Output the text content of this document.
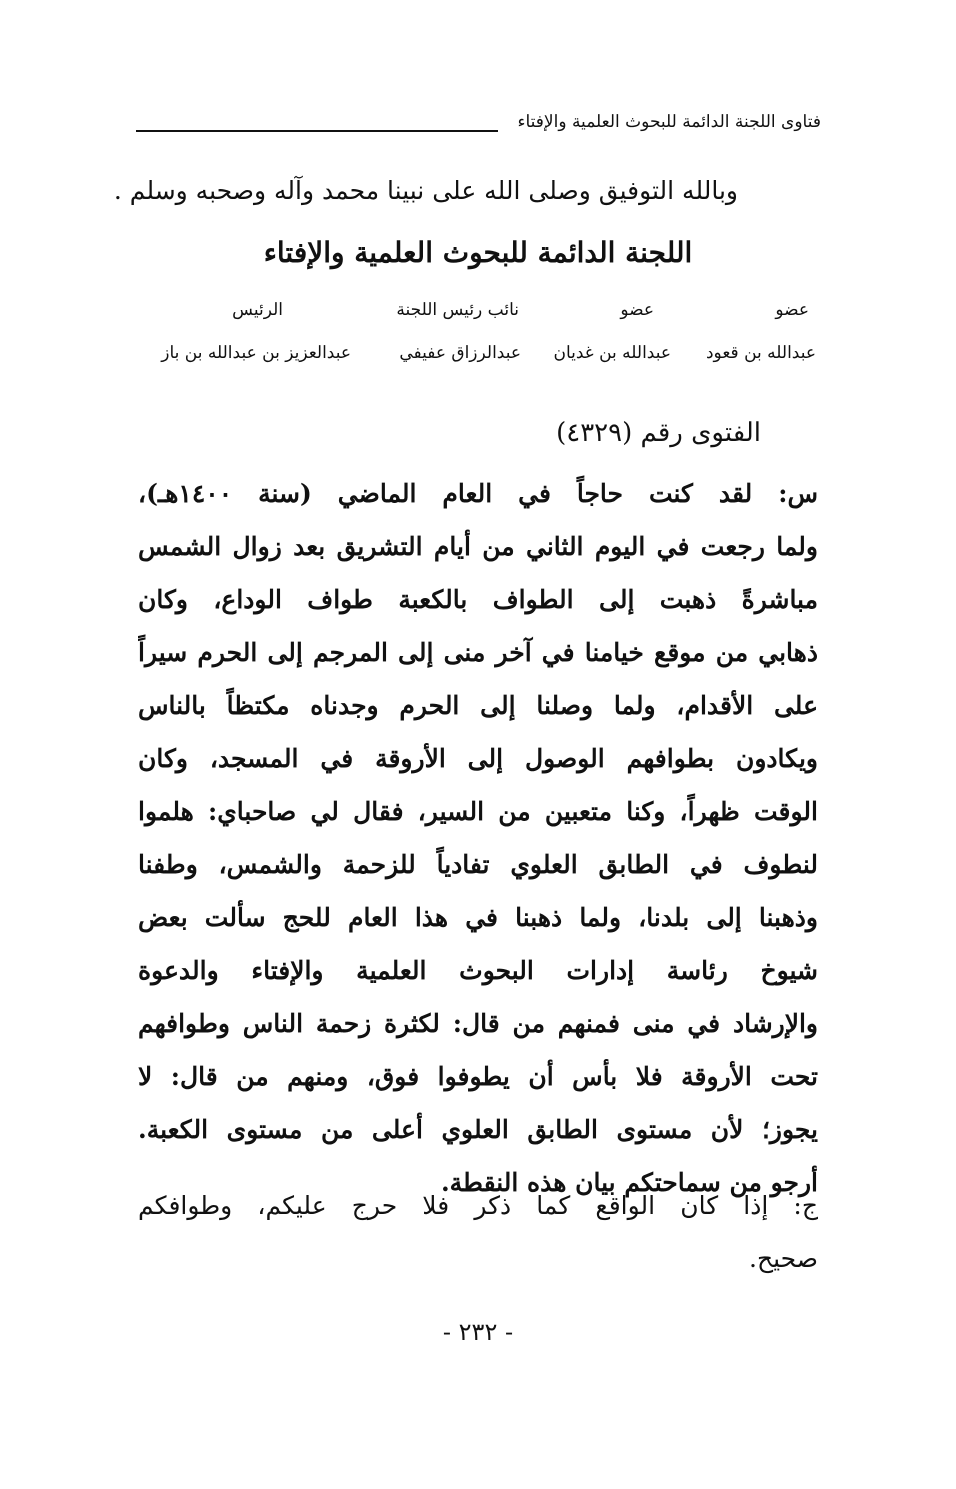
فتاوى اللجنة الدائمة للبحوث العلمية والإفتاء
وبالله التوفيق وصلى الله على نبينا محمد وآله وصحبه وسلم .
اللجنة الدائمة للبحوث العلمية والإفتاء
عضو
عضو
نائب رئيس اللجنة
الرئيس
عبدالله بن قعود
عبدالله بن غديان
عبدالرزاق عفيفي
عبدالعزيز بن عبدالله بن باز
الفتوى رقم (٤٣٢٩)
س: لقد كنت حاجاً في العام الماضي (سنة ١٤٠٠هـ)،
ولما رجعت في اليوم الثاني من أيام التشريق بعد زوال الشمس
مباشرةً ذهبت إلى الطواف بالكعبة طواف الوداع، وكان
ذهابي من موقع خيامنا في آخر منى إلى المرجم إلى الحرم سيراً
على الأقدام، ولما وصلنا إلى الحرم وجدناه مكتظاً بالناس
ويكادون بطوافهم الوصول إلى الأروقة في المسجد، وكان
الوقت ظهراً، وكنا متعبين من السير، فقال لي صاحباي: هلموا
لنطوف في الطابق العلوي تفادياً للزحمة والشمس، وطفنا
وذهبنا إلى بلدنا، ولما ذهبنا في هذا العام للحج سألت بعض
شيوخ رئاسة إدارات البحوث العلمية والإفتاء والدعوة
والإرشاد في منى فمنهم من قال: لكثرة زحمة الناس وطوافهم
تحت الأروقة فلا بأس أن يطوفوا فوق، ومنهم من قال: لا
يجوز؛ لأن مستوى الطابق العلوي أعلى من مستوى الكعبة.
أرجو من سماحتكم بيان هذه النقطة.
ج: إذا كان الواقع كما ذكر فلا حرج عليكم، وطوافكم
صحيح.
- ٢٣٢ -
